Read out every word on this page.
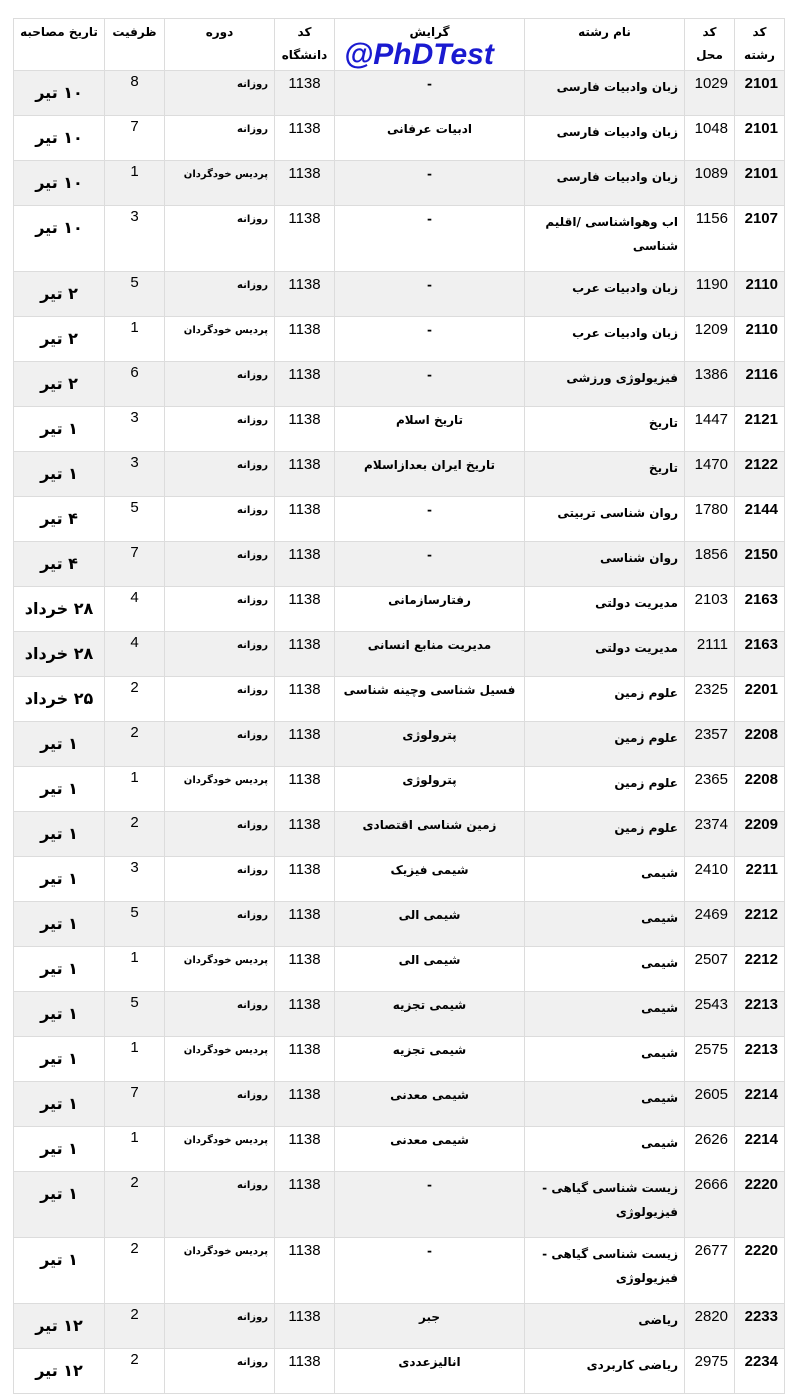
کد رشته	کد محل	نام رشته	گرایش	کد دانشگاه	دوره	ظرفیت	تاریخ مصاحبه
2101	1029	زبان وادبیات فارسی	-	1138	روزانه	8	۱۰ تیر
2101	1048	زبان وادبیات فارسی	ادبیات عرفانی	1138	روزانه	7	۱۰ تیر
2101	1089	زبان وادبیات فارسی	-	1138	پردیس خودگردان	1	۱۰ تیر
2107	1156	اب وهواشناسی /اقلیم شناسی	-	1138	روزانه	3	۱۰ تیر
2110	1190	زبان وادبیات عرب	-	1138	روزانه	5	۲ تیر
2110	1209	زبان وادبیات عرب	-	1138	پردیس خودگردان	1	۲ تیر
2116	1386	فیزیولوژی ورزشی	-	1138	روزانه	6	۲ تیر
2121	1447	تاریخ	تاریخ اسلام	1138	روزانه	3	۱ تیر
2122	1470	تاریخ	تاریخ ایران بعدازاسلام	1138	روزانه	3	۱ تیر
2144	1780	روان شناسی تربیتی	-	1138	روزانه	5	۴ تیر
2150	1856	روان شناسی	-	1138	روزانه	7	۴ تیر
2163	2103	مدیریت دولتی	رفتارسازمانی	1138	روزانه	4	۲۸ خرداد
2163	2111	مدیریت دولتی	مدیریت منابع انسانی	1138	روزانه	4	۲۸ خرداد
2201	2325	علوم زمین	فسیل شناسی وچینه شناسی	1138	روزانه	2	۲۵ خرداد
2208	2357	علوم زمین	پترولوژی	1138	روزانه	2	۱ تیر
2208	2365	علوم زمین	پترولوژی	1138	پردیس خودگردان	1	۱ تیر
2209	2374	علوم زمین	زمین شناسی اقتصادی	1138	روزانه	2	۱ تیر
2211	2410	شیمی	شیمی فیزیک	1138	روزانه	3	۱ تیر
2212	2469	شیمی	شیمی الی	1138	روزانه	5	۱ تیر
2212	2507	شیمی	شیمی الی	1138	پردیس خودگردان	1	۱ تیر
2213	2543	شیمی	شیمی تجزیه	1138	روزانه	5	۱ تیر
2213	2575	شیمی	شیمی تجزیه	1138	پردیس خودگردان	1	۱ تیر
2214	2605	شیمی	شیمی معدنی	1138	روزانه	7	۱ تیر
2214	2626	شیمی	شیمی معدنی	1138	پردیس خودگردان	1	۱ تیر
2220	2666	زیست شناسی گیاهی - فیزیولوژی	-	1138	روزانه	2	۱ تیر
2220	2677	زیست شناسی گیاهی - فیزیولوژی	-	1138	پردیس خودگردان	2	۱ تیر
2233	2820	ریاضی	جبر	1138	روزانه	2	۱۲ تیر
2234	2975	ریاضی کاربردی	انالیزعددی	1138	روزانه	2	۱۲ تیر
@PhDTest
